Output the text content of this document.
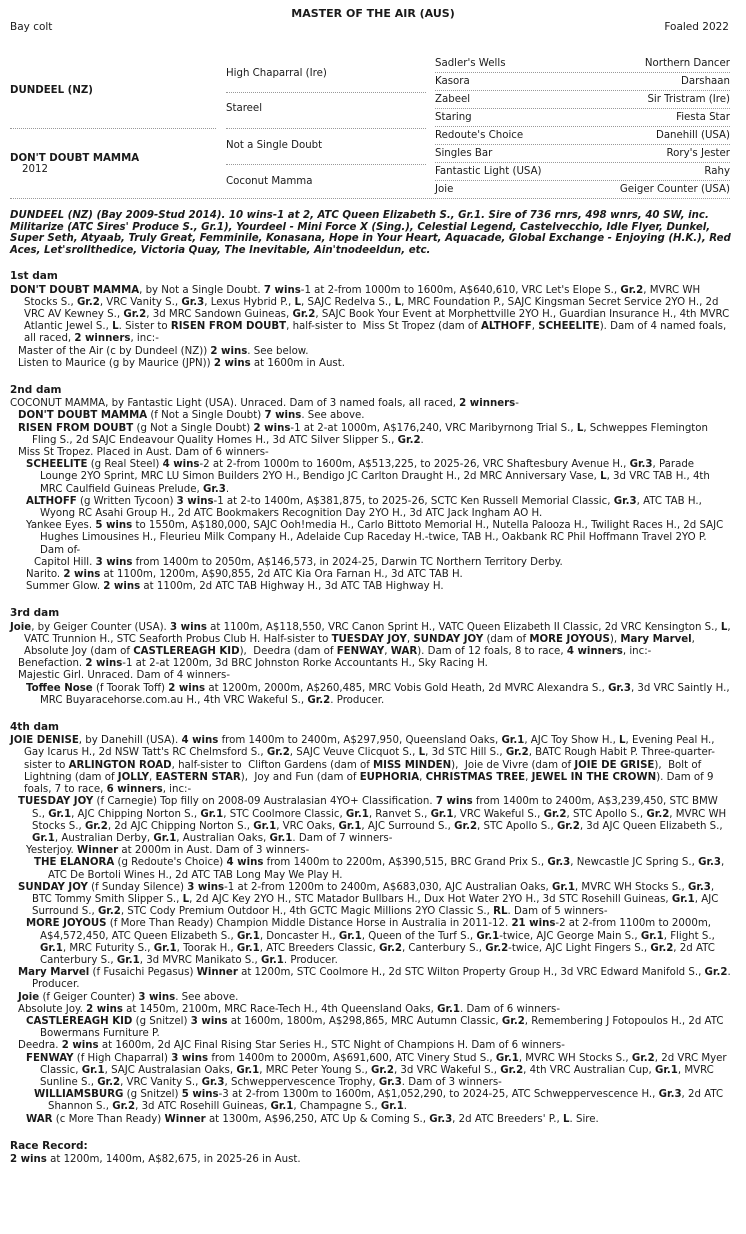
MASTER OF THE AIR (AUS)
Bay colt	Foaled 2022
DUNDEEL (NZ)
DON'T DOUBT MAMMA
2012
High Chaparral (Ire)
Stareel
Not a Single Doubt
Coconut Mamma
Sadler's Wells	Northern Dancer
Kasora	Darshaan
Zabeel	Sir Tristram (Ire)
Staring	Fiesta Star
Redoute's Choice	Danehill (USA)
Singles Bar	Rory's Jester
Fantastic Light (USA)	Rahy
Joie	Geiger Counter (USA)

DUNDEEL (NZ) (Bay 2009-Stud 2014). 10 wins-1 at 2, ATC Queen Elizabeth S., Gr.1. Sire of 736 rnrs, 498 wnrs, 40 SW, inc. Militarize (ATC Sires' Produce S., Gr.1), Yourdeel - Mini Force X (Sing.), Celestial Legend, Castelvecchio, Idle Flyer, Dunkel, Super Seth, Atyaab, Truly Great, Femminile, Konasana, Hope in Your Heart, Aquacade, Global Exchange - Enjoying (H.K.), Red Aces, Let'srollthedice, Victoria Quay, The Inevitable, Ain'tnodeeldun, etc.

1st dam

DON'T DOUBT MAMMA, by Not a Single Doubt. 7 wins-1 at 2-from 1000m to 1600m, A$640,610, VRC Let's Elope S., Gr.2, MVRC WH Stocks S., Gr.2, VRC Vanity S., Gr.3, Lexus Hybrid P., L, SAJC Redelva S., L, MRC Foundation P., SAJC Kingsman Secret Service 2YO H., 2d VRC AV Kewney S., Gr.2, 3d MRC Sandown Guineas, Gr.2, SAJC Book Your Event at Morphettville 2YO H., Guardian Insurance H., 4th MVRC Atlantic Jewel S., L. Sister to RISEN FROM DOUBT, half-sister to  Miss St Tropez (dam of ALTHOFF, SCHEELITE). Dam of 4 named foals, all raced, 2 winners, inc:-

Master of the Air (c by Dundeel (NZ)) 2 wins. See below.

Listen to Maurice (g by Maurice (JPN)) 2 wins at 1600m in Aust.

2nd dam

COCONUT MAMMA, by Fantastic Light (USA). Unraced. Dam of 3 named foals, all raced, 2 winners-

DON'T DOUBT MAMMA (f Not a Single Doubt) 7 wins. See above.

RISEN FROM DOUBT (g Not a Single Doubt) 2 wins-1 at 2-at 1000m, A$176,240, VRC Maribyrnong Trial S., L, Schweppes Flemington Fling S., 2d SAJC Endeavour Quality Homes H., 3d ATC Silver Slipper S., Gr.2.

Miss St Tropez. Placed in Aust. Dam of 6 winners-

SCHEELITE (g Real Steel) 4 wins-2 at 2-from 1000m to 1600m, A$513,225, to 2025-26, VRC Shaftesbury Avenue H., Gr.3, Parade Lounge 2YO Sprint, MRC LU Simon Builders 2YO H., Bendigo JC Carlton Draught H., 2d MRC Anniversary Vase, L, 3d VRC TAB H., 4th MRC Caulfield Guineas Prelude, Gr.3.

ALTHOFF (g Written Tycoon) 3 wins-1 at 2-to 1400m, A$381,875, to 2025-26, SCTC Ken Russell Memorial Classic, Gr.3, ATC TAB H., Wyong RC Asahi Group H., 2d ATC Bookmakers Recognition Day 2YO H., 3d ATC Jack Ingham AO H.

Yankee Eyes. 5 wins to 1550m, A$180,000, SAJC Ooh!media H., Carlo Bittoto Memorial H., Nutella Palooza H., Twilight Races H., 2d SAJC Hughes Limousines H., Fleurieu Milk Company H., Adelaide Cup Raceday H.-twice, TAB H., Oakbank RC Phil Hoffmann Travel 2YO P. Dam of-

Capitol Hill. 3 wins from 1400m to 2050m, A$146,573, in 2024-25, Darwin TC Northern Territory Derby.

Narito. 2 wins at 1100m, 1200m, A$90,855, 2d ATC Kia Ora Farnan H., 3d ATC TAB H.

Summer Glow. 2 wins at 1100m, 2d ATC TAB Highway H., 3d ATC TAB Highway H.

3rd dam

Joie, by Geiger Counter (USA). 3 wins at 1100m, A$118,550, VRC Canon Sprint H., VATC Queen Elizabeth II Classic, 2d VRC Kensington S., L, VATC Trunnion H., STC Seaforth Probus Club H. Half-sister to TUESDAY JOY, SUNDAY JOY (dam of MORE JOYOUS), Mary Marvel, Absolute Joy (dam of CASTLEREAGH KID),  Deedra (dam of FENWAY, WAR). Dam of 12 foals, 8 to race, 4 winners, inc:-

Benefaction. 2 wins-1 at 2-at 1200m, 3d BRC Johnston Rorke Accountants H., Sky Racing H.

Majestic Girl. Unraced. Dam of 4 winners-

Toffee Nose (f Toorak Toff) 2 wins at 1200m, 2000m, A$260,485, MRC Vobis Gold Heath, 2d MVRC Alexandra S., Gr.3, 3d VRC Saintly H., MRC Buyaracehorse.com.au H., 4th VRC Wakeful S., Gr.2. Producer.

4th dam

JOIE DENISE, by Danehill (USA). 4 wins from 1400m to 2400m, A$297,950, Queensland Oaks, Gr.1, AJC Toy Show H., L, Evening Peal H., Gay Icarus H., 2d NSW Tatt's RC Chelmsford S., Gr.2, SAJC Veuve Clicquot S., L, 3d STC Hill S., Gr.2, BATC Rough Habit P. Three-quarter-sister to ARLINGTON ROAD, half-sister to  Clifton Gardens (dam of MISS MINDEN),  Joie de Vivre (dam of JOIE DE GRISE),  Bolt of Lightning (dam of JOLLY, EASTERN STAR),  Joy and Fun (dam of EUPHORIA, CHRISTMAS TREE, JEWEL IN THE CROWN). Dam of 9 foals, 7 to race, 6 winners, inc:-

TUESDAY JOY (f Carnegie) Top filly on 2008-09 Australasian 4YO+ Classification. 7 wins from 1400m to 2400m, A$3,239,450, STC BMW S., Gr.1, AJC Chipping Norton S., Gr.1, STC Coolmore Classic, Gr.1, Ranvet S., Gr.1, VRC Wakeful S., Gr.2, STC Apollo S., Gr.2, MVRC WH Stocks S., Gr.2, 2d AJC Chipping Norton S., Gr.1, VRC Oaks, Gr.1, AJC Surround S., Gr.2, STC Apollo S., Gr.2, 3d AJC Queen Elizabeth S., Gr.1, Australian Derby, Gr.1, Australian Oaks, Gr.1. Dam of 7 winners-

Yesterjoy. Winner at 2000m in Aust. Dam of 3 winners-

THE ELANORA (g Redoute's Choice) 4 wins from 1400m to 2200m, A$390,515, BRC Grand Prix S., Gr.3, Newcastle JC Spring S., Gr.3, ATC De Bortoli Wines H., 2d ATC TAB Long May We Play H.

SUNDAY JOY (f Sunday Silence) 3 wins-1 at 2-from 1200m to 2400m, A$683,030, AJC Australian Oaks, Gr.1, MVRC WH Stocks S., Gr.3, BTC Tommy Smith Slipper S., L, 2d AJC Key 2YO H., STC Matador Bullbars H., Dux Hot Water 2YO H., 3d STC Rosehill Guineas, Gr.1, AJC Surround S., Gr.2, STC Cody Premium Outdoor H., 4th GCTC Magic Millions 2YO Classic S., RL. Dam of 5 winners-

MORE JOYOUS (f More Than Ready) Champion Middle Distance Horse in Australia in 2011-12. 21 wins-2 at 2-from 1100m to 2000m, A$4,572,450, ATC Queen Elizabeth S., Gr.1, Doncaster H., Gr.1, Queen of the Turf S., Gr.1-twice, AJC George Main S., Gr.1, Flight S., Gr.1, MRC Futurity S., Gr.1, Toorak H., Gr.1, ATC Breeders Classic, Gr.2, Canterbury S., Gr.2-twice, AJC Light Fingers S., Gr.2, 2d ATC Canterbury S., Gr.1, 3d MVRC Manikato S., Gr.1. Producer.

Mary Marvel (f Fusaichi Pegasus) Winner at 1200m, STC Coolmore H., 2d STC Wilton Property Group H., 3d VRC Edward Manifold S., Gr.2. Producer.

Joie (f Geiger Counter) 3 wins. See above.

Absolute Joy. 2 wins at 1450m, 2100m, MRC Race-Tech H., 4th Queensland Oaks, Gr.1. Dam of 6 winners-

CASTLEREAGH KID (g Snitzel) 3 wins at 1600m, 1800m, A$298,865, MRC Autumn Classic, Gr.2, Remembering J Fotopoulos H., 2d ATC Bowermans Furniture P.

Deedra. 2 wins at 1600m, 2d AJC Final Rising Star Series H., STC Night of Champions H. Dam of 6 winners-

FENWAY (f High Chaparral) 3 wins from 1400m to 2000m, A$691,600, ATC Vinery Stud S., Gr.1, MVRC WH Stocks S., Gr.2, 2d VRC Myer Classic, Gr.1, SAJC Australasian Oaks, Gr.1, MRC Peter Young S., Gr.2, 3d VRC Wakeful S., Gr.2, 4th VRC Australian Cup, Gr.1, MVRC Sunline S., Gr.2, VRC Vanity S., Gr.3, Schweppervescence Trophy, Gr.3. Dam of 3 winners-

WILLIAMSBURG (g Snitzel) 5 wins-3 at 2-from 1300m to 1600m, A$1,052,290, to 2024-25, ATC Schweppervescence H., Gr.3, 2d ATC Shannon S., Gr.2, 3d ATC Rosehill Guineas, Gr.1, Champagne S., Gr.1.

WAR (c More Than Ready) Winner at 1300m, A$96,250, ATC Up & Coming S., Gr.3, 2d ATC Breeders' P., L. Sire.

Race Record:

2 wins at 1200m, 1400m, A$82,675, in 2025-26 in Aust.
